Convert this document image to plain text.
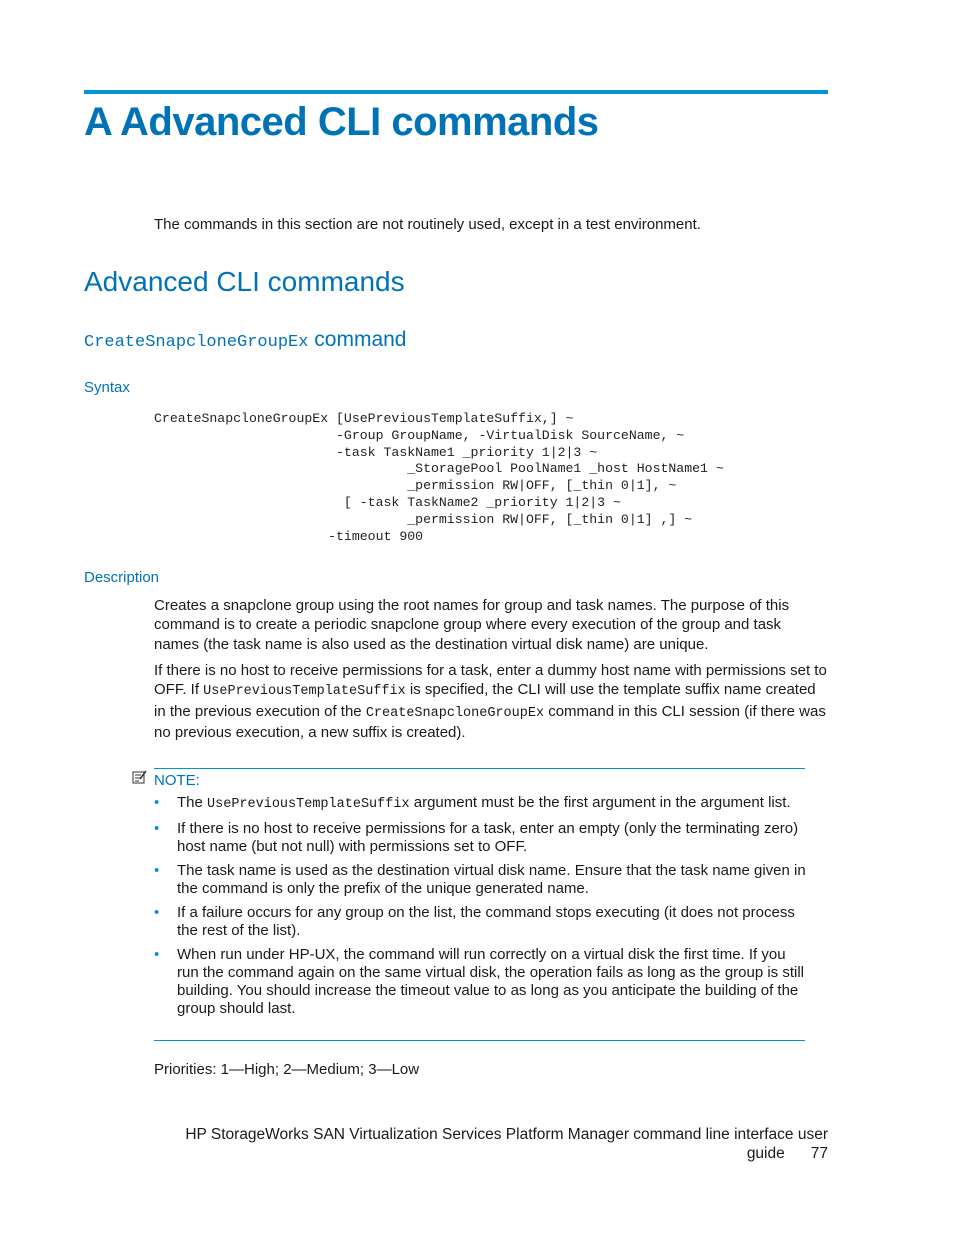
A Advanced CLI commands
The commands in this section are not routinely used, except in a test environment.
Advanced CLI commands
CreateSnapcloneGroupEx command
Syntax
CreateSnapcloneGroupEx [UsePreviousTemplateSuffix,] ~
-Group GroupName, -VirtualDisk SourceName, ~
-task TaskName1 _priority 1|2|3 ~
_StoragePool PoolName1 _host HostName1 ~
_permission RW|OFF, [_thin 0|1], ~
[ -task TaskName2 _priority 1|2|3 ~
_permission RW|OFF, [_thin 0|1] ,] ~
-timeout 900
Description
Creates a snapclone group using the root names for group and task names. The purpose of this command is to create a periodic snapclone group where every execution of the group and task names (the task name is also used as the destination virtual disk name) are unique.
If there is no host to receive permissions for a task, enter a dummy host name with permissions set to OFF. If UsePreviousTemplateSuffix is specified, the CLI will use the template suffix name created in the previous execution of the CreateSnapcloneGroupEx command in this CLI session (if there was no previous execution, a new suffix is created).
NOTE:
• The UsePreviousTemplateSuffix argument must be the first argument in the argument list.
• If there is no host to receive permissions for a task, enter an empty (only the terminating zero) host name (but not null) with permissions set to OFF.
• The task name is used as the destination virtual disk name. Ensure that the task name given in the command is only the prefix of the unique generated name.
• If a failure occurs for any group on the list, the command stops executing (it does not process the rest of the list).
• When run under HP-UX, the command will run correctly on a virtual disk the first time. If you run the command again on the same virtual disk, the operation fails as long as the group is still building. You should increase the timeout value to as long as you anticipate the building of the group should last.
Priorities: 1—High; 2—Medium; 3—Low
HP StorageWorks SAN Virtualization Services Platform Manager command line interface user
guide 77
